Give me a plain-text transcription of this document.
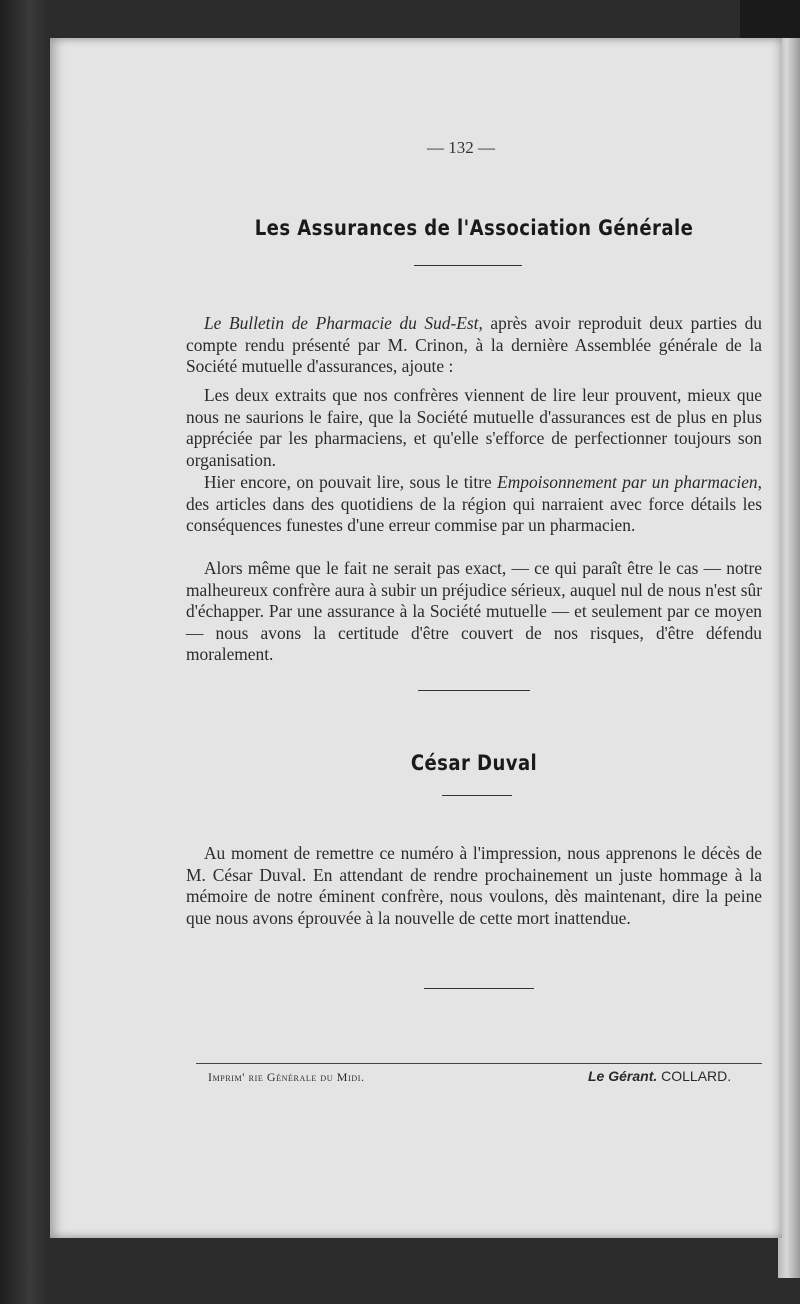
— 132 —
Les Assurances de l'Association Générale

Le Bulletin de Pharmacie du Sud-Est, après avoir reproduit deux parties du compte rendu présenté par M. Crinon, à la dernière Assemblée générale de la Société mutuelle d'assurances, ajoute :

Les deux extraits que nos confrères viennent de lire leur prouvent, mieux que nous ne saurions le faire, que la Société mutuelle d'assurances est de plus en plus appréciée par les pharmaciens, et qu'elle s'efforce de perfectionner toujours son organisation.

Hier encore, on pouvait lire, sous le titre Empoisonnement par un pharmacien, des articles dans des quotidiens de la région qui narraient avec force détails les conséquences funestes d'une erreur commise par un pharmacien.

Alors même que le fait ne serait pas exact, — ce qui paraît être le cas — notre malheureux confrère aura à subir un préjudice sérieux, auquel nul de nous n'est sûr d'échapper. Par une assurance à la Société mutuelle — et seulement par ce moyen — nous avons la certitude d'être couvert de nos risques, d'être défendu moralement.

César Duval

Au moment de remettre ce numéro à l'impression, nous apprenons le décès de M. César Duval. En attendant de rendre prochainement un juste hommage à la mémoire de notre éminent confrère, nous voulons, dès maintenant, dire la peine que nous avons éprouvée à la nouvelle de cette mort inattendue.

Imprim' rie Générale du Midi.	Le Gérant. COLLARD.
